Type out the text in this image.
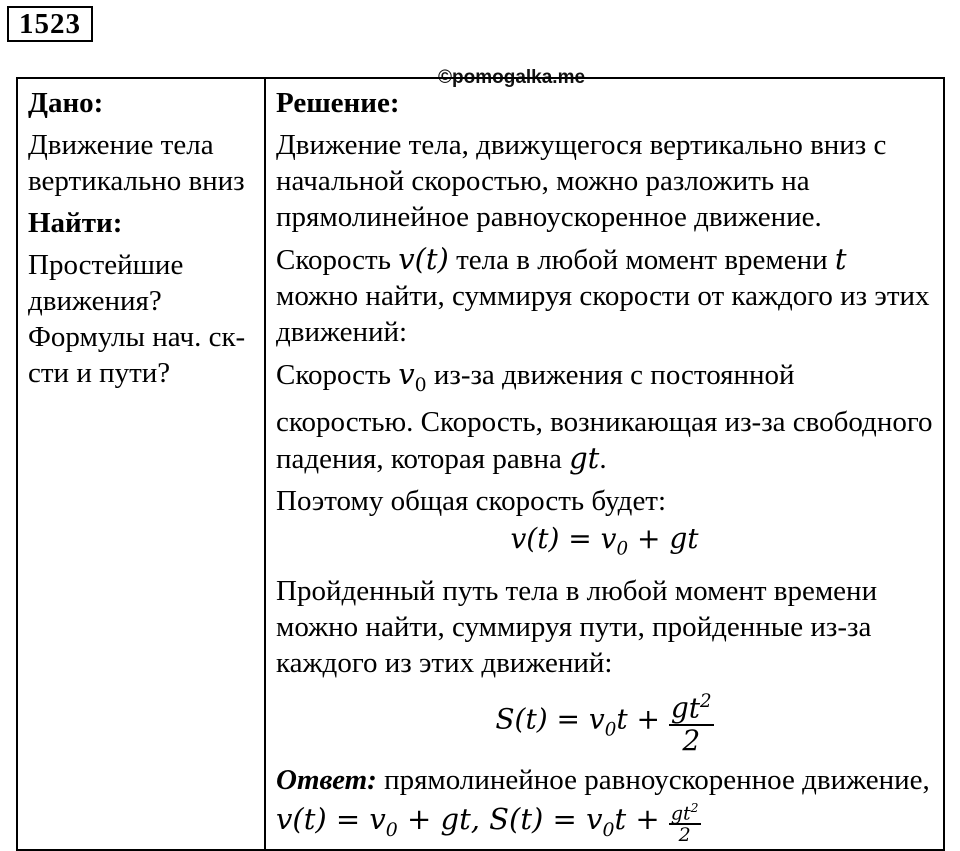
1523
©pomogalka.me
Дано:
Движение тела вертикально вниз
Найти:
Простейшие движения?
Формулы нач. ск-сти и пути?

Решение:
Движение тела, движущегося вертикально вниз с начальной скоростью, можно разложить на прямолинейное равноускоренное движение.
Скорость v(t) тела в любой момент времени t можно найти, суммируя скорости от каждого из этих движений:
Скорость $v_0$ из-за движения с постоянной скоростью. Скорость, возникающая из-за свободного падения, которая равна gt.
Поэтому общая скорость будет:
$v(t) = v_0$ + gt
Пройденный путь тела в любой момент времени можно найти, суммируя пути, пройденные из-за каждого из этих движений:
$S(t) = v_0t + \frac{gt^2}{2}$
Ответ: прямолинейное равноускоренное движение, $v(t) = v_0$ + gt, $S(t) = v_0t + \frac{gt^2}{2}$
